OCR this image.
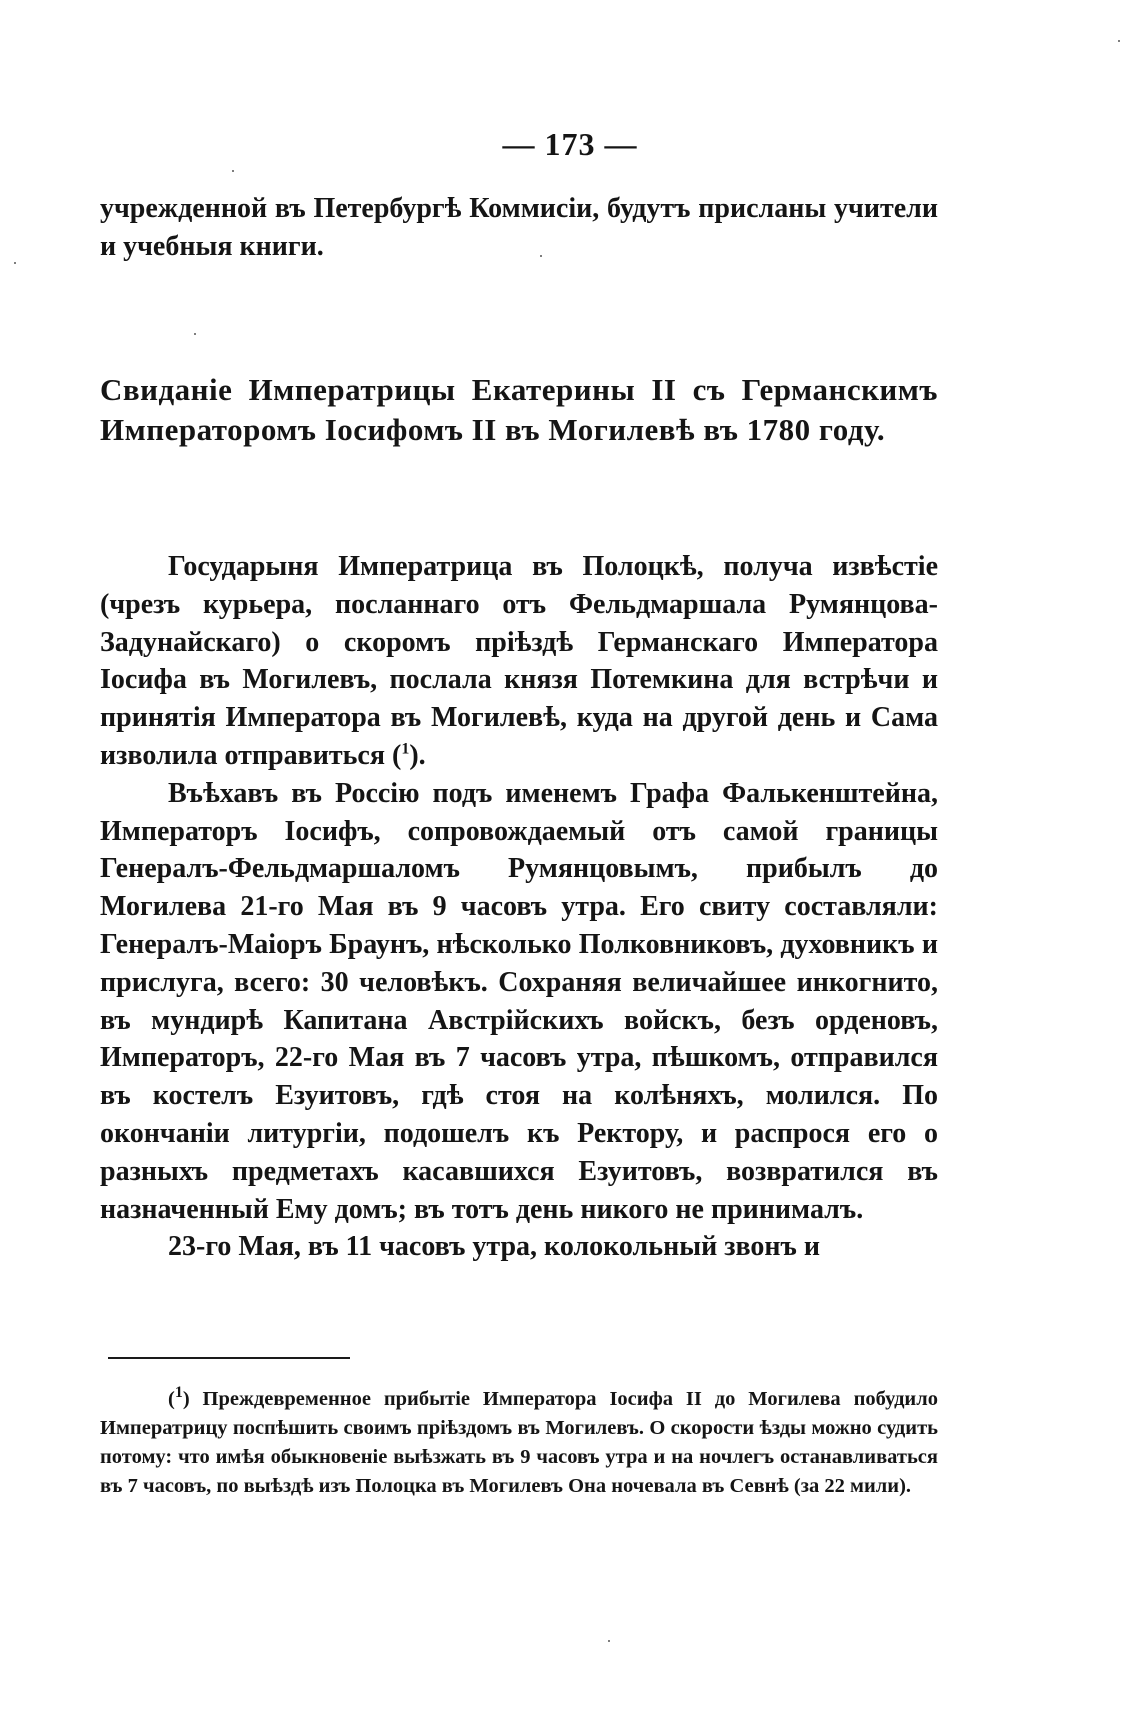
— 173 —
учрежденной въ Петербургѣ Коммисіи, будутъ присланы учители и учебныя книги.
Свиданіе Императрицы Екатерины II съ Германскимъ Императоромъ Іосифомъ II въ Могилевѣ въ 1780 году.

Государыня Императрица въ Полоцкѣ, получа извѣстіе (чрезъ курьера, посланнаго отъ Фельдмаршала Румянцова-Задунайскаго) о скоромъ пріѣздѣ Германскаго Императора Іосифа въ Могилевъ, послала князя Потемкина для встрѣчи и принятія Императора въ Могилевѣ, куда на другой день и Сама изволила отправиться ($^1$).

Въѣхавъ въ Россію подъ именемъ Графа Фалькенштейна, Императоръ Іосифъ, сопровождаемый отъ самой границы Генералъ-Фельдмаршаломъ Румянцовымъ, прибылъ до Могилева 21-го Мая въ 9 часовъ утра. Его свиту составляли: Генералъ-Маіоръ Браунъ, нѣсколько Полковниковъ, духовникъ и прислуга, всего: 30 человѣкъ. Сохраняя величайшее инкогнито, въ мундирѣ Капитана Австрійскихъ войскъ, безъ орденовъ, Императоръ, 22-го Мая въ 7 часовъ утра, пѣшкомъ, отправился въ костелъ Езуитовъ, гдѣ стоя на колѣняхъ, молился. По окончаніи литургіи, подошелъ къ Ректору, и распрося его о разныхъ предметахъ касавшихся Езуитовъ, возвратился въ назначенный Ему домъ; въ тотъ день никого не принималъ.

23-го Мая, въ 11 часовъ утра, колокольный звонъ и

($^1$) Преждевременное прибытіе Императора Іосифа II до Могилева побудило Императрицу поспѣшить своимъ пріѣздомъ въ Могилевъ. О скорости ѣзды можно судить потому: что имѣя обыкновеніе выѣзжать въ 9 часовъ утра и на ночлегъ останавливаться въ 7 часовъ, по выѣздѣ изъ Полоцка въ Могилевъ Она ночевала въ Севнѣ (за 22 мили).
